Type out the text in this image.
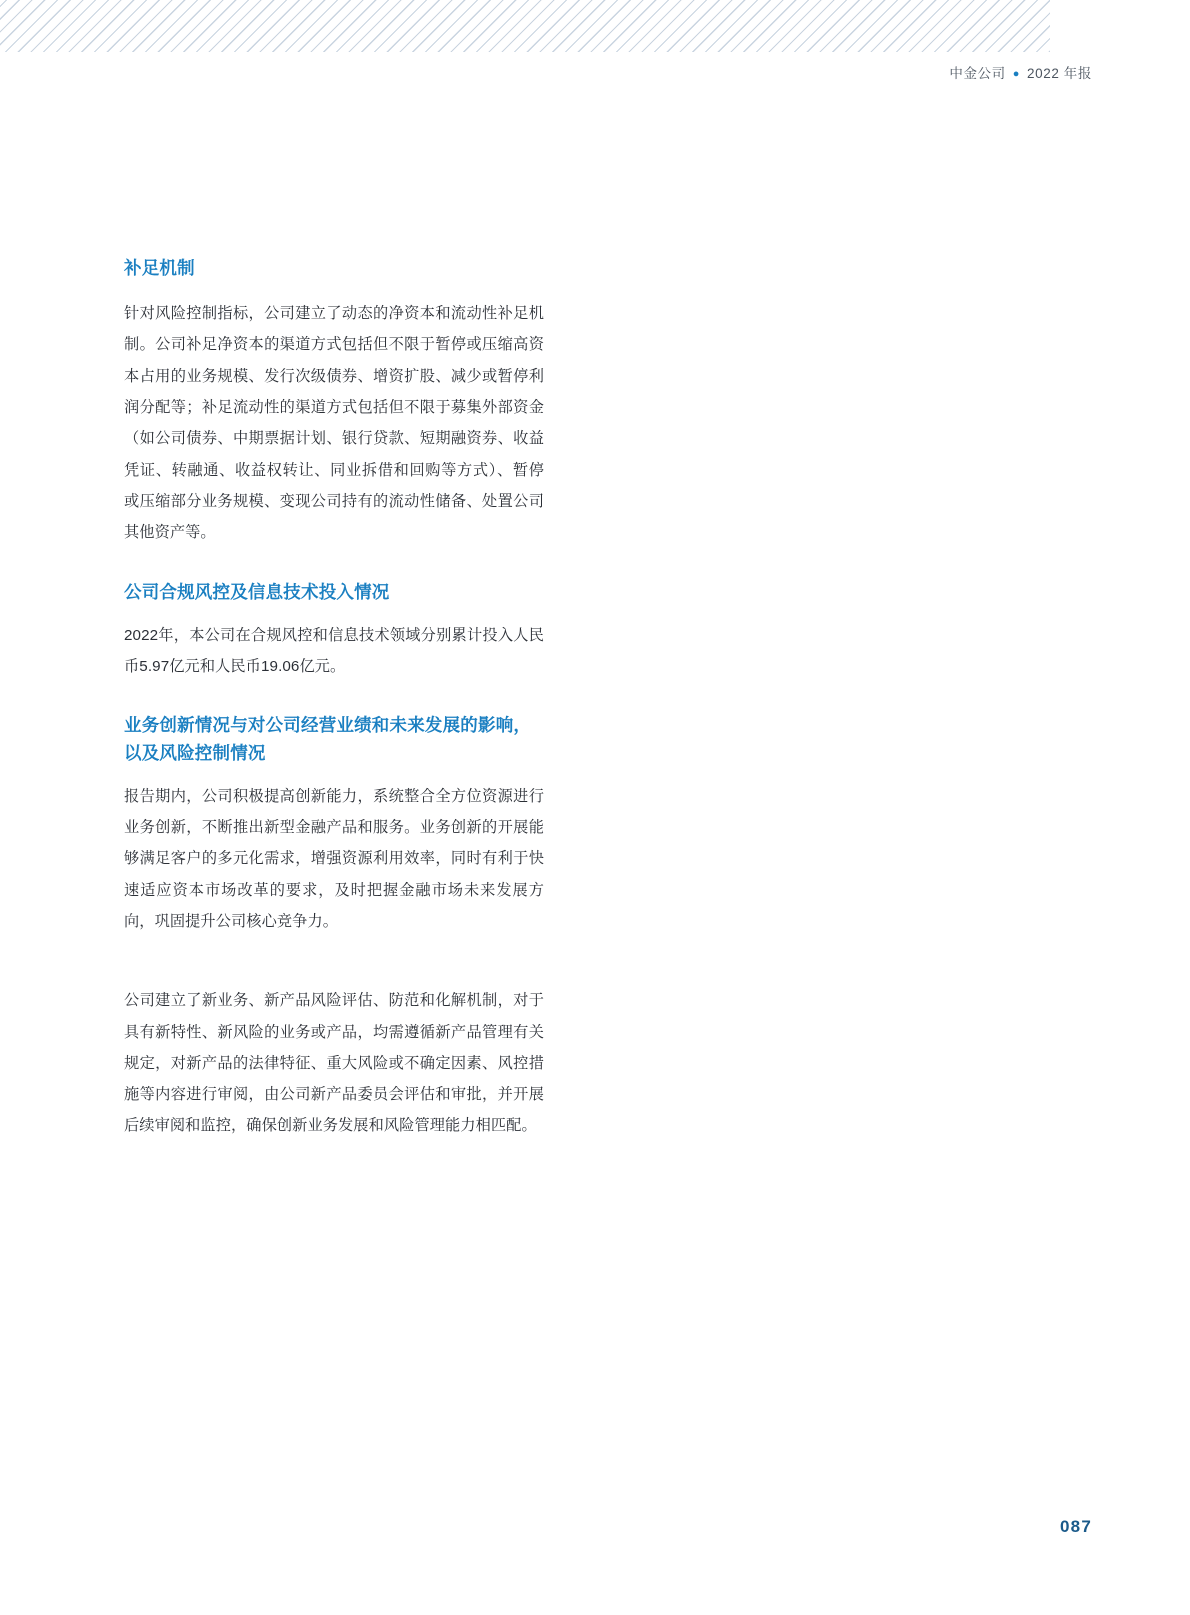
中金公司 ● 2022 年报
补足机制

针对风险控制指标，公司建立了动态的净资本和流动性补足机制。公司补足净资本的渠道方式包括但不限于暂停或压缩高资本占用的业务规模、发行次级债券、增资扩股、减少或暂停利润分配等；补足流动性的渠道方式包括但不限于募集外部资金（如公司债券、中期票据计划、银行贷款、短期融资券、收益凭证、转融通、收益权转让、同业拆借和回购等方式）、暂停或压缩部分业务规模、变现公司持有的流动性储备、处置公司其他资产等。

公司合规风控及信息技术投入情况

2022年，本公司在合规风控和信息技术领域分别累计投入人民币5.97亿元和人民币19.06亿元。

业务创新情况与对公司经营业绩和未来发展的影响，以及风险控制情况

报告期内，公司积极提高创新能力，系统整合全方位资源进行业务创新，不断推出新型金融产品和服务。业务创新的开展能够满足客户的多元化需求，增强资源利用效率，同时有利于快速适应资本市场改革的要求，及时把握金融市场未来发展方向，巩固提升公司核心竞争力。

公司建立了新业务、新产品风险评估、防范和化解机制，对于具有新特性、新风险的业务或产品，均需遵循新产品管理有关规定，对新产品的法律特征、重大风险或不确定因素、风控措施等内容进行审阅，由公司新产品委员会评估和审批，并开展后续审阅和监控，确保创新业务发展和风险管理能力相匹配。

087
